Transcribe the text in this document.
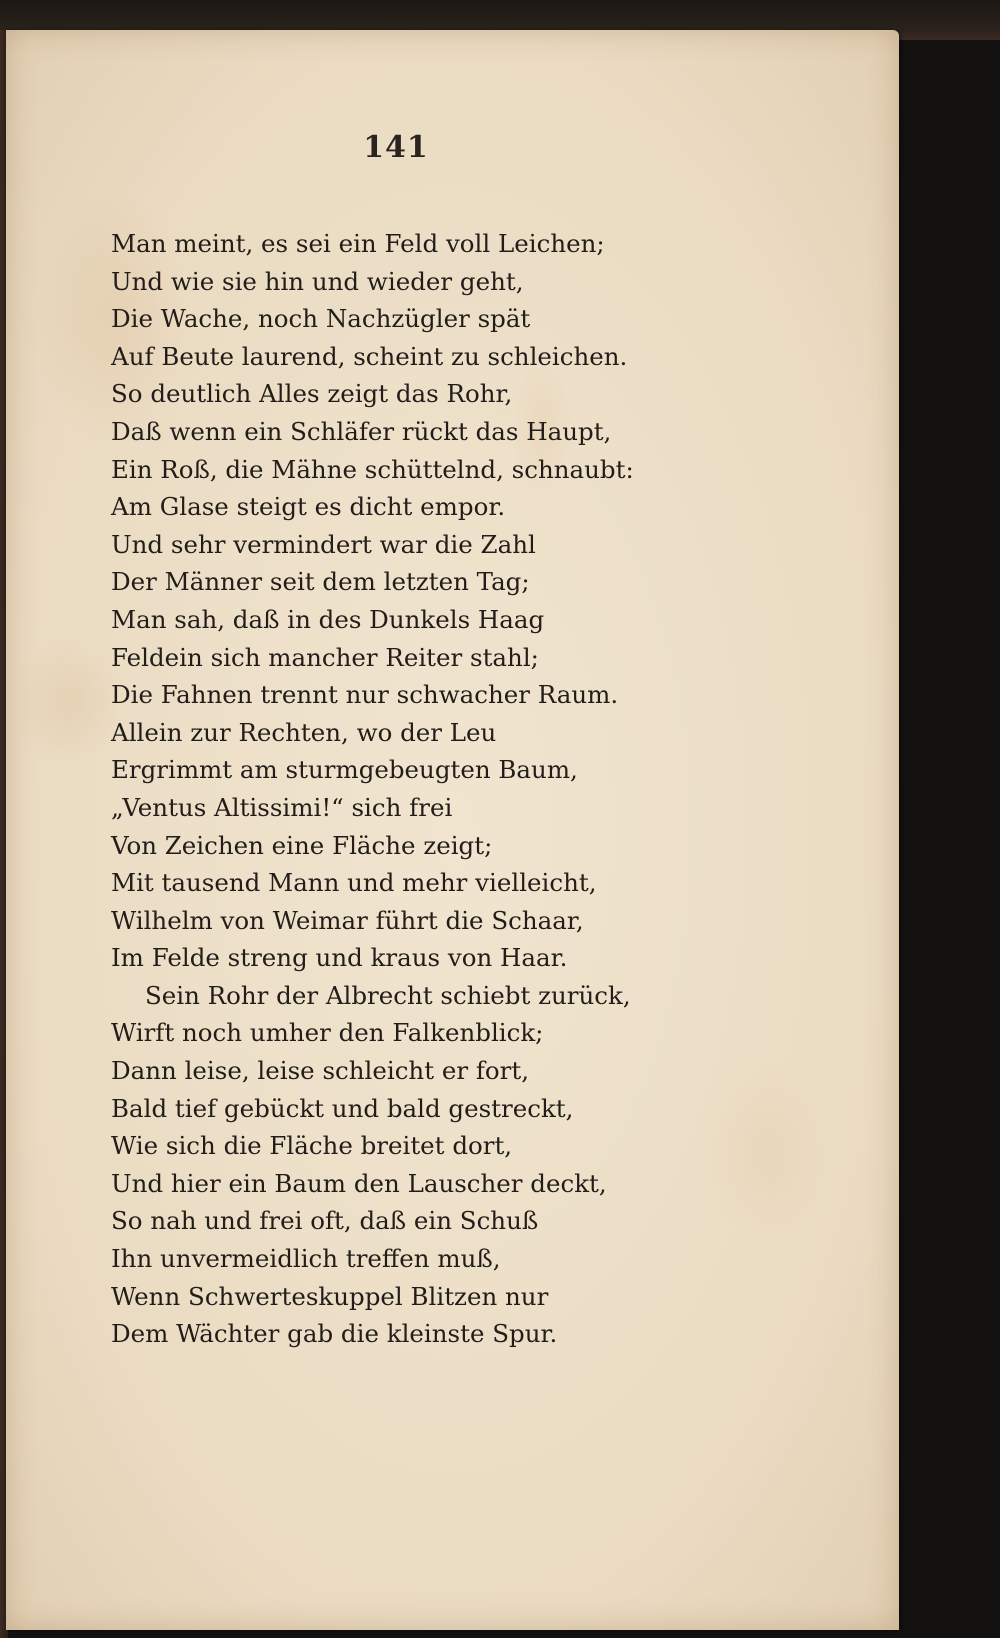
141
Man meint, es sei ein Feld voll Leichen;
Und wie sie hin und wieder geht,
Die Wache, noch Nachzügler spät
Auf Beute laurend, scheint zu schleichen.
So deutlich Alles zeigt das Rohr,
Daß wenn ein Schläfer rückt das Haupt,
Ein Roß, die Mähne schüttelnd, schnaubt:
Am Glase steigt es dicht empor.
Und sehr vermindert war die Zahl
Der Männer seit dem letzten Tag;
Man sah, daß in des Dunkels Haag
Feldein sich mancher Reiter stahl;
Die Fahnen trennt nur schwacher Raum.
Allein zur Rechten, wo der Leu
Ergrimmt am sturmgebeugten Baum,
„Ventus Altissimi!“ sich frei
Von Zeichen eine Fläche zeigt;
Mit tausend Mann und mehr vielleicht,
Wilhelm von Weimar führt die Schaar,
Im Felde streng und kraus von Haar.
Sein Rohr der Albrecht schiebt zurück,
Wirft noch umher den Falkenblick;
Dann leise, leise schleicht er fort,
Bald tief gebückt und bald gestreckt,
Wie sich die Fläche breitet dort,
Und hier ein Baum den Lauscher deckt,
So nah und frei oft, daß ein Schuß
Ihn unvermeidlich treffen muß,
Wenn Schwerteskuppel Blitzen nur
Dem Wächter gab die kleinste Spur.
